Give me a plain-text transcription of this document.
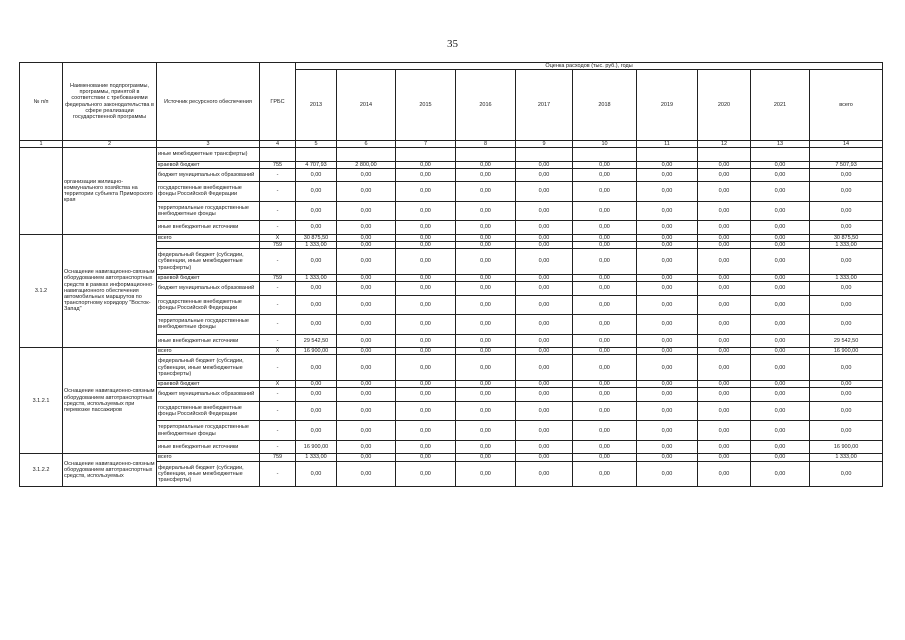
35
№ п/п	Наименование подпрограммы, программы, принятой в соответствии с требованиями федерального законодательства в сфере реализации государственной программы	Источник ресурсного обеспечения	ГРБС	Оценка расходов (тыс. руб.), годы									
				2013	2014	2015	2016	2017	2018	2019	2020	2021	всего
1	2	3	4	5	6	7	8	9	10	11	12	13	14
	организации жилищно-коммунального хозяйства на территории субъекта Приморского края	иные межбюджетные трансферты)											
		краевой бюджет	755	4 707,93	2 800,00	0,00	0,00	0,00	0,00	0,00	0,00	0,00	7 507,93
		бюджет муниципальных образований	-	0,00	0,00	0,00	0,00	0,00	0,00	0,00	0,00	0,00	0,00
		государственные внебюджетные фонды Российской Федерации	-	0,00	0,00	0,00	0,00	0,00	0,00	0,00	0,00	0,00	0,00
		территориальные государственные внебюджетные фонды	-	0,00	0,00	0,00	0,00	0,00	0,00	0,00	0,00	0,00	0,00
		иные внебюджетные источники	-	0,00	0,00	0,00	0,00	0,00	0,00	0,00	0,00	0,00	0,00
3.1.2	Оснащение навигационно-связным оборудованием автотранспортных средств в рамках информационно-навигационного обеспечения автомобильных маршрутов по транспортному коридору "Восток- Запад"	всего	X	30 875,50	0,00	0,00	0,00	0,00	0,00	0,00	0,00	0,00	30 875,50
			759	1 333,00	0,00	0,00	0,00	0,00	0,00	0,00	0,00	0,00	1 333,00
		федеральный бюджет (субсидии, субвенции, иные межбюджетные трансферты)	-	0,00	0,00	0,00	0,00	0,00	0,00	0,00	0,00	0,00	0,00
		краевой бюджет	759	1 333,00	0,00	0,00	0,00	0,00	0,00	0,00	0,00	0,00	1 333,00
		бюджет муниципальных образований	-	0,00	0,00	0,00	0,00	0,00	0,00	0,00	0,00	0,00	0,00
		государственные внебюджетные фонды Российской Федерации	-	0,00	0,00	0,00	0,00	0,00	0,00	0,00	0,00	0,00	0,00
		территориальные государственные внебюджетные фонды	-	0,00	0,00	0,00	0,00	0,00	0,00	0,00	0,00	0,00	0,00
		иные внебюджетные источники	-	29 542,50	0,00	0,00	0,00	0,00	0,00	0,00	0,00	0,00	29 542,50
3.1.2.1	Оснащение навигационно-связным оборудованием автотранспортных средств, используемых при перевозке пассажиров	всего	X	16 900,00	0,00	0,00	0,00	0,00	0,00	0,00	0,00	0,00	16 900,00
		федеральный бюджет (субсидии, субвенции, иные межбюджетные трансферты)	-	0,00	0,00	0,00	0,00	0,00	0,00	0,00	0,00	0,00	0,00
		краевой бюджет	X	0,00	0,00	0,00	0,00	0,00	0,00	0,00	0,00	0,00	0,00
		бюджет муниципальных образований	-	0,00	0,00	0,00	0,00	0,00	0,00	0,00	0,00	0,00	0,00
		государственные внебюджетные фонды Российской Федерации	-	0,00	0,00	0,00	0,00	0,00	0,00	0,00	0,00	0,00	0,00
		территориальные государственные внебюджетные фонды	-	0,00	0,00	0,00	0,00	0,00	0,00	0,00	0,00	0,00	0,00
		иные внебюджетные источники	-	16 900,00	0,00	0,00	0,00	0,00	0,00	0,00	0,00	0,00	16 900,00
3.1.2.2	Оснащение навигационно-связным оборудованием автотранспортных средств, используемых	всего	759	1 333,00	0,00	0,00	0,00	0,00	0,00	0,00	0,00	0,00	1 333,00
		федеральный бюджет (субсидии, субвенции, иные межбюджетные трансферты)	-	0,00	0,00	0,00	0,00	0,00	0,00	0,00	0,00	0,00	0,00
